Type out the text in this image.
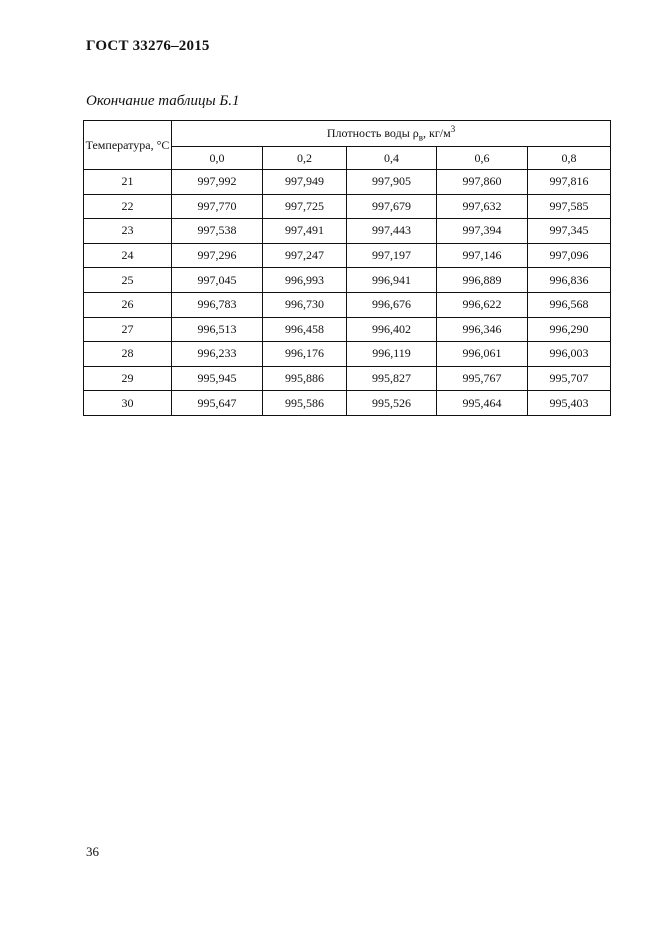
ГОСТ 33276–2015
Окончание таблицы Б.1
Температура, °С	Плотность воды $\rho_в$, $кг/м^3$
	0,0	0,2	0,4	0,6	0,8
21	997,992	997,949	997,905	997,860	997,816
22	997,770	997,725	997,679	997,632	997,585
23	997,538	997,491	997,443	997,394	997,345
24	997,296	997,247	997,197	997,146	997,096
25	997,045	996,993	996,941	996,889	996,836
26	996,783	996,730	996,676	996,622	996,568
27	996,513	996,458	996,402	996,346	996,290
28	996,233	996,176	996,119	996,061	996,003
29	995,945	995,886	995,827	995,767	995,707
30	995,647	995,586	995,526	995,464	995,403
36
